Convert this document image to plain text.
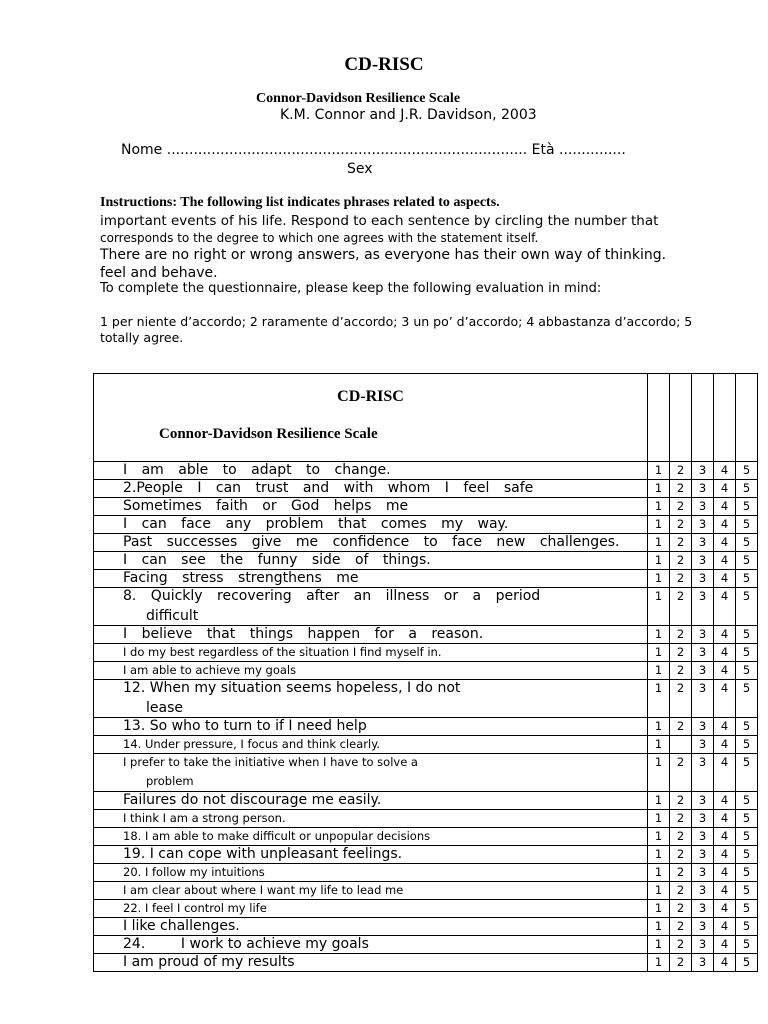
CD-RISC
Connor-Davidson Resilience Scale
K.M. Connor and J.R. Davidson, 2003
Nome ................................................................................. Età ...............
Sex
Instructions: The following list indicates phrases related to aspects.
important events of his life. Respond to each sentence by circling the number that
corresponds to the degree to which one agrees with the statement itself.
There are no right or wrong answers, as everyone has their own way of thinking.
feel and behave.
To complete the questionnaire, please keep the following evaluation in mind:
1 per niente d’accordo; 2 raramente d’accordo; 3 un po’ d’accordo; 4 abbastanza d’accordo; 5
totally agree.
CD-RISC
Connor-Davidson Resilience Scale					

I am able to adapt to change.	1	2	3	4	5

2.People I can trust and with whom I feel safe	1	2	3	4	5

Sometimes faith or God helps me	1	2	3	4	5

I can face any problem that comes my way.	1	2	3	4	5

Past successes give me confidence to face new challenges.	1	2	3	4	5

I can see the funny side of things.	1	2	3	4	5

Facing stress strengthens me	1	2	3	4	5

8. Quickly recovering after an illness or a period
difficult	1	2	3	4	5

I believe that things happen for a reason.	1	2	3	4	5

I do my best regardless of the situation I find myself in.	1	2	3	4	5

I am able to achieve my goals	1	2	3	4	5

12. When my situation seems hopeless, I do not
lease	1	2	3	4	5

13. So who to turn to if I need help	1	2	3	4	5

14. Under pressure, I focus and think clearly.	1		3	4	5

I prefer to take the initiative when I have to solve a
problem	1	2	3	4	5

Failures do not discourage me easily.	1	2	3	4	5

I think I am a strong person.	1	2	3	4	5

18. I am able to make difficult or unpopular decisions	1	2	3	4	5

19. I can cope with unpleasant feelings.	1	2	3	4	5

20. I follow my intuitions	1	2	3	4	5

I am clear about where I want my life to lead me	1	2	3	4	5

22. I feel I control my life	1	2	3	4	5

I like challenges.	1	2	3	4	5

24.        I work to achieve my goals	1	2	3	4	5

I am proud of my results	1	2	3	4	5
